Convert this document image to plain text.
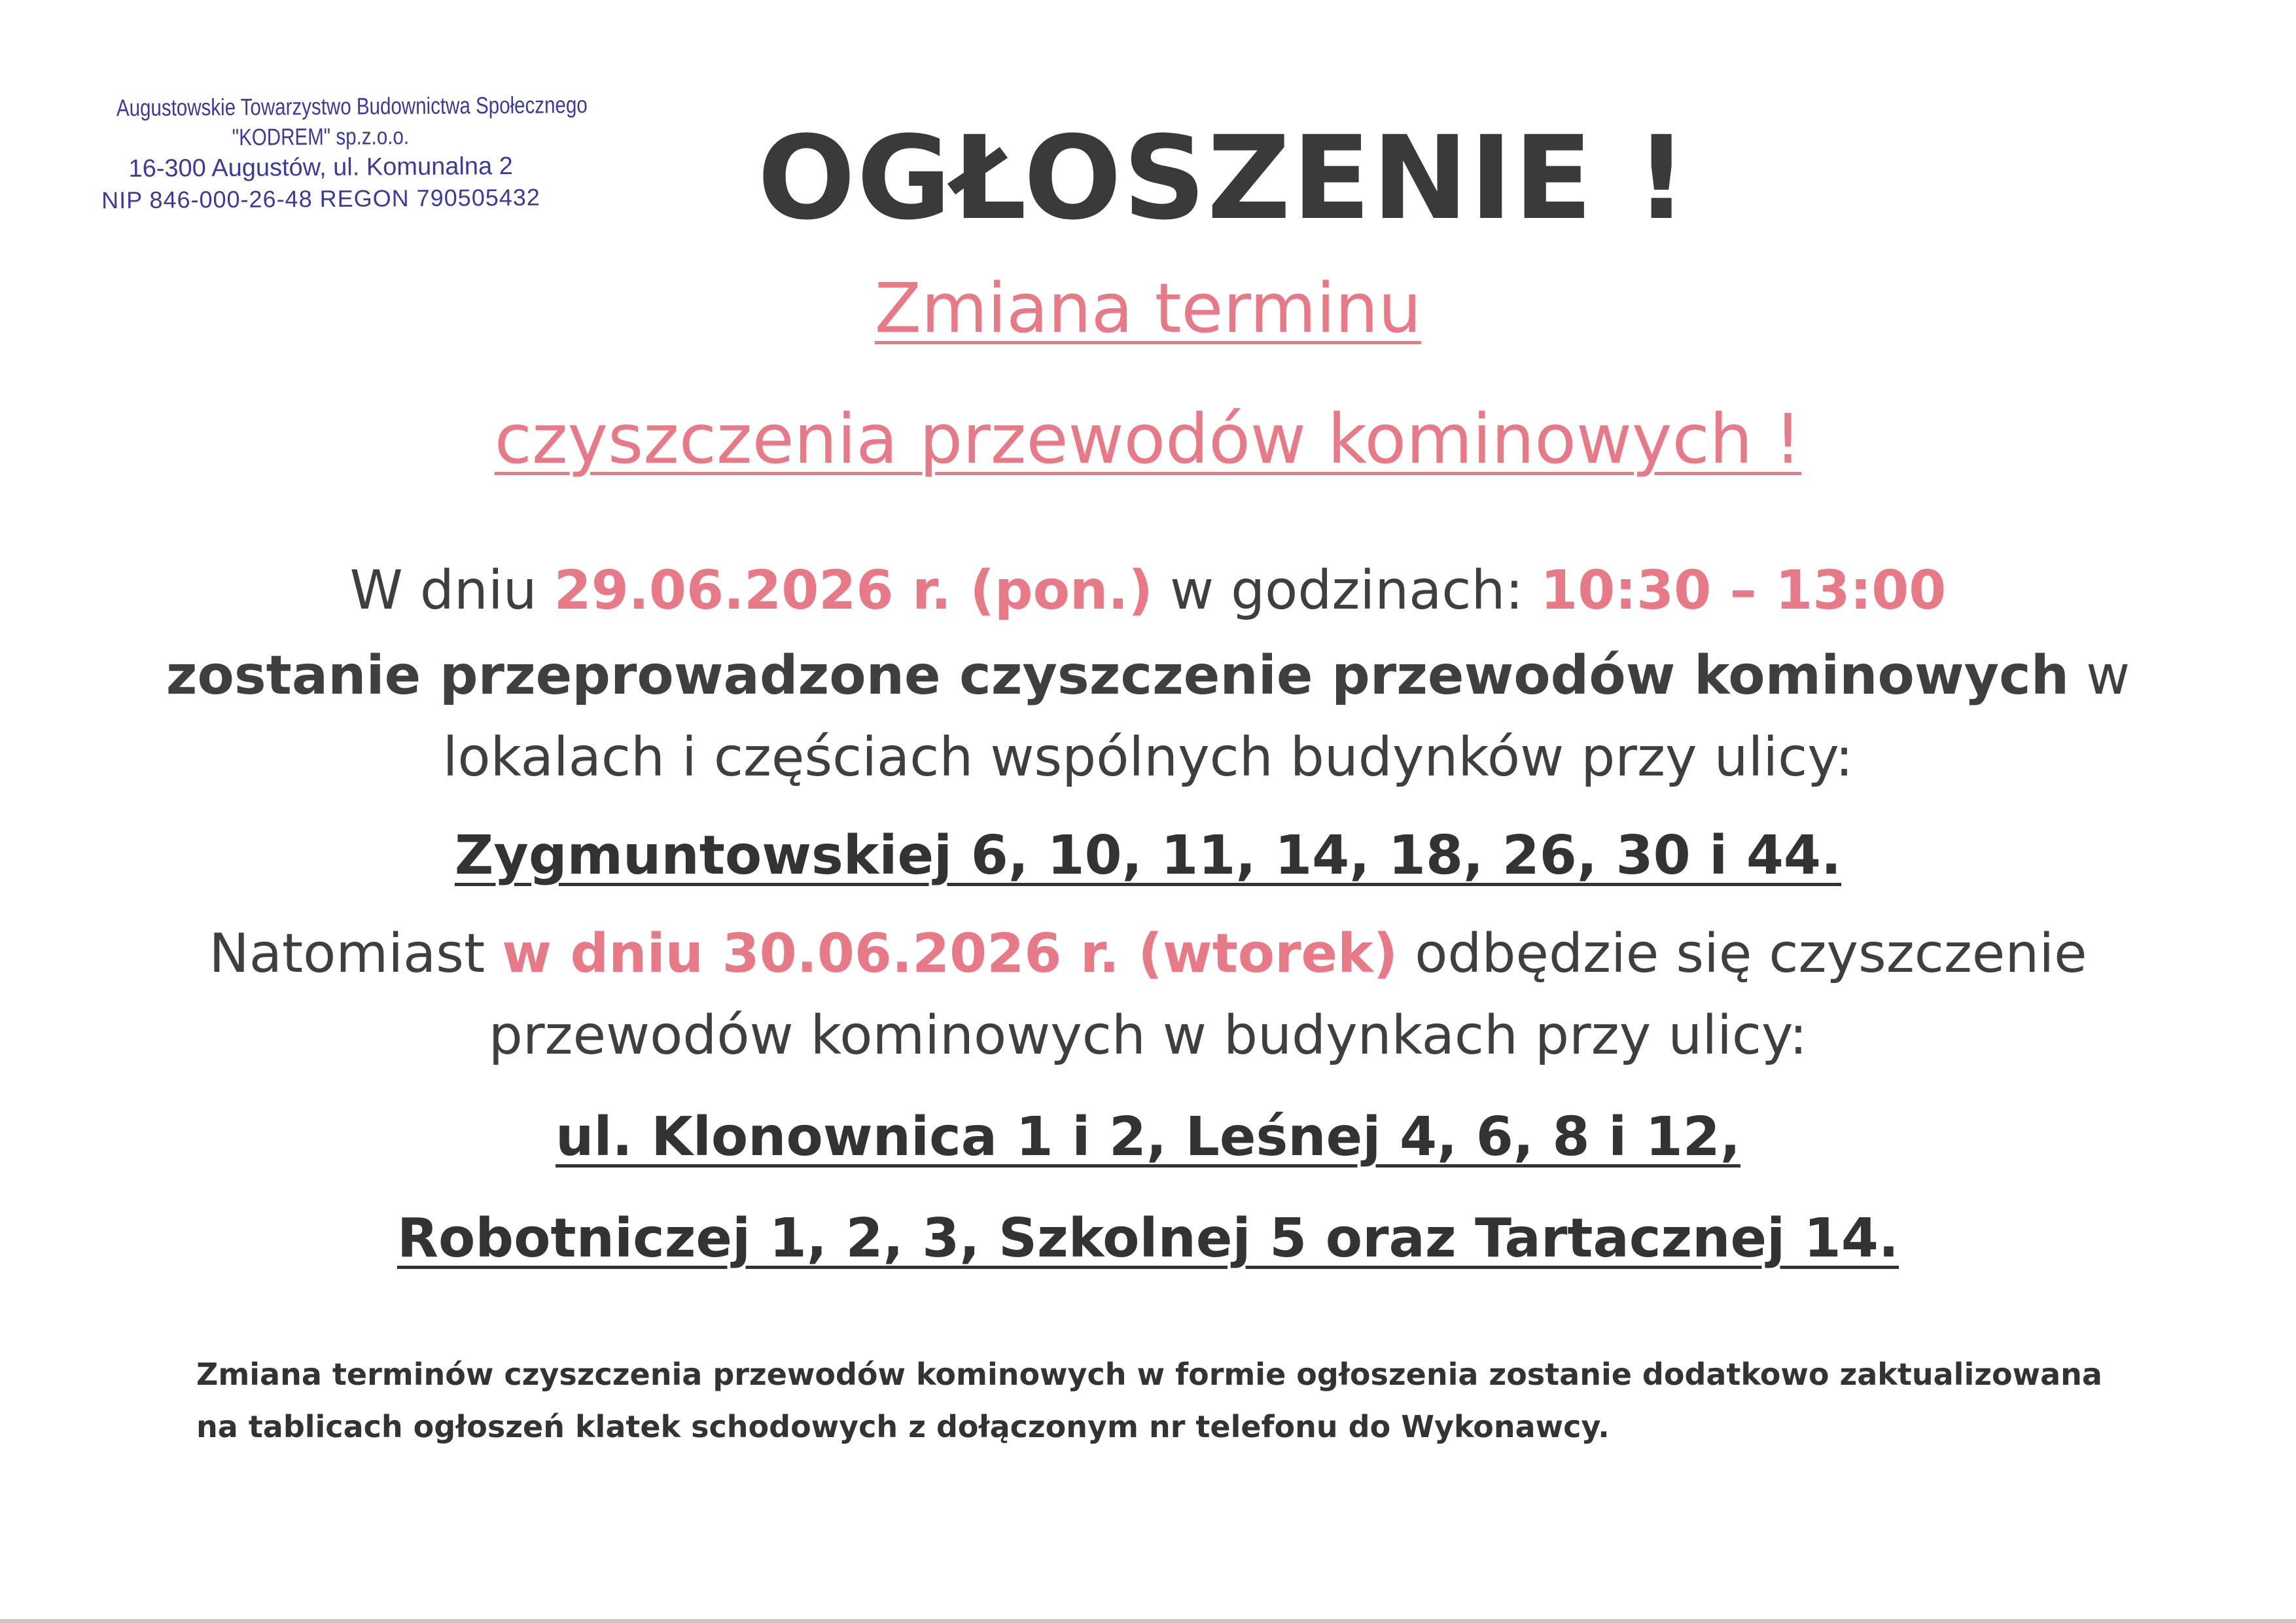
Augustowskie Towarzystwo Budownictwa Społecznego
"KODREM" sp.z.o.o.
16-300 Augustów, ul. Komunalna 2
NIP 846-000-26-48 REGON 790505432	OGŁOSZENIE !
Zmiana terminu
czyszczenia przewodów kominowych !
W dniu 29.06.2026 r. (pon.) w godzinach: 10:30 – 13:00
zostanie przeprowadzone czyszczenie przewodów kominowych w
lokalach i częściach wspólnych budynków przy ulicy:
Zygmuntowskiej 6, 10, 11, 14, 18, 26, 30 i 44.
Natomiast w dniu 30.06.2026 r. (wtorek) odbędzie się czyszczenie
przewodów kominowych w budynkach przy ulicy:
ul. Klonownica 1 i 2, Leśnej 4, 6, 8 i 12,
Robotniczej 1, 2, 3, Szkolnej 5 oraz Tartacznej 14.
Zmiana terminów czyszczenia przewodów kominowych w formie ogłoszenia zostanie dodatkowo zaktualizowana
na tablicach ogłoszeń klatek schodowych z dołączonym nr telefonu do Wykonawcy.
